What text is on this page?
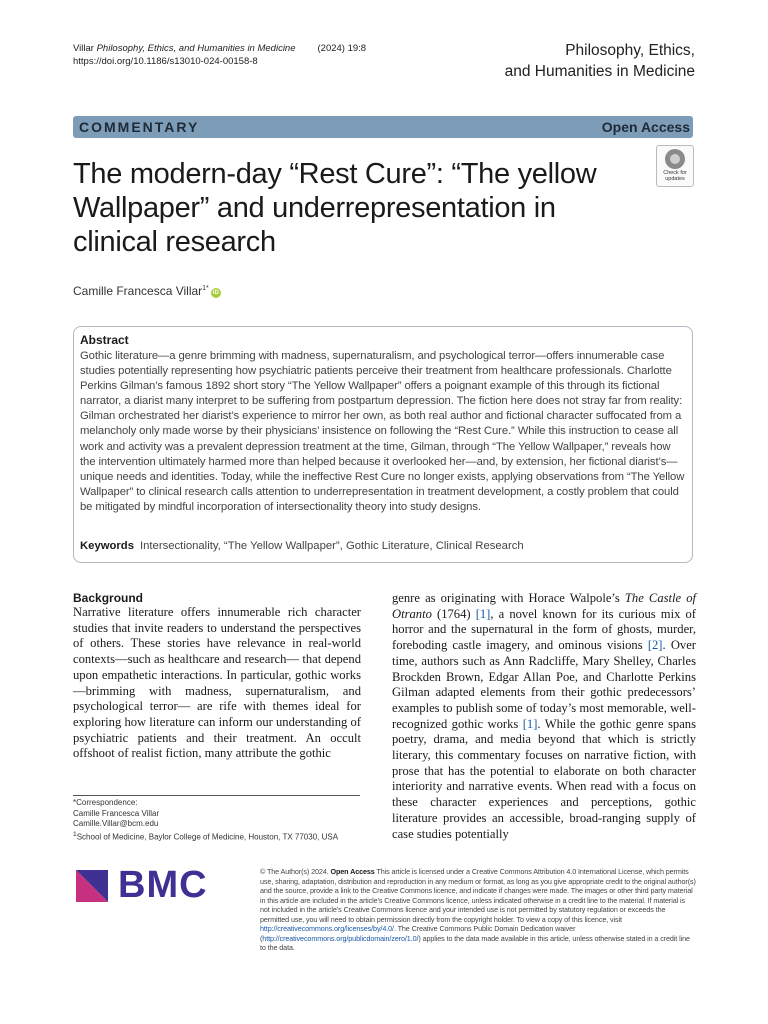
Villar Philosophy, Ethics, and Humanities in Medicine (2024) 19:8
https://doi.org/10.1186/s13010-024-00158-8
Philosophy, Ethics,
and Humanities in Medicine
COMMENTARY	Open Access
The modern-day “Rest Cure”: “The yellow Wallpaper” and underrepresentation in clinical research
Check for
updates
Camille Francesca Villar$^{1*}$iD
Abstract
Gothic literature—a genre brimming with madness, supernaturalism, and psychological terror—offers innumerable case studies potentially representing how psychiatric patients perceive their treatment from healthcare professionals. Charlotte Perkins Gilman’s famous 1892 short story “The Yellow Wallpaper” offers a poignant example of this through its fictional narrator, a diarist many interpret to be suffering from postpartum depression. The fiction here does not stray far from reality: Gilman orchestrated her diarist’s experience to mirror her own, as both real author and fictional character suffocated from a melancholy only made worse by their physicians’ insistence on following the “Rest Cure.” While this instruction to cease all work and activity was a prevalent depression treatment at the time, Gilman, through “The Yellow Wallpaper,” reveals how the intervention ultimately harmed more than helped because it overlooked her—and, by extension, her fictional diarist’s— unique needs and identities. Today, while the ineffective Rest Cure no longer exists, applying observations from “The Yellow Wallpaper” to clinical research calls attention to underrepresentation in treatment development, a costly problem that could be mitigated by mindful incorporation of intersectionality theory into study designs.
Keywords Intersectionality, “The Yellow Wallpaper”, Gothic Literature, Clinical Research
Background
Narrative literature offers innumerable rich character studies that invite readers to understand the perspectives of others. These stories have relevance in real-world contexts—such as healthcare and research— that depend upon empathetic interactions. In particular, gothic works—brimming with madness, supernaturalism, and psychological terror— are rife with themes ideal for exploring how literature can inform our understanding of psychiatric patients and their treatment. An occult offshoot of realist fiction, many attribute the gothic
genre as originating with Horace Walpole’s The Castle of Otranto (1764) [1], a novel known for its curious mix of horror and the supernatural in the form of ghosts, murder, foreboding castle imagery, and ominous visions [2]. Over time, authors such as Ann Radcliffe, Mary Shelley, Charles Brockden Brown, Edgar Allan Poe, and Charlotte Perkins Gilman adapted elements from their gothic predecessors’ examples to publish some of today’s most memorable, well-recognized gothic works [1]. While the gothic genre spans poetry, drama, and media beyond that which is strictly literary, this commentary focuses on narrative fiction, with prose that has the potential to elaborate on both character interiority and narrative events. When read with a focus on these character experiences and perceptions, gothic literature provides an accessible, broad-ranging supply of case studies potentially
*Correspondence:
Camille Francesca Villar
Camille.Villar@bcm.edu
$^1$School of Medicine, Baylor College of Medicine, Houston, TX 77030, USA
BMC	© The Author(s) 2024. Open Access This article is licensed under a Creative Commons Attribution 4.0 International License, which permits use, sharing, adaptation, distribution and reproduction in any medium or format, as long as you give appropriate credit to the original author(s) and the source, provide a link to the Creative Commons licence, and indicate if changes were made. The images or other third party material in this article are included in the article’s Creative Commons licence, unless indicated otherwise in a credit line to the material. If material is not included in the article’s Creative Commons licence and your intended use is not permitted by statutory regulation or exceeds the permitted use, you will need to obtain permission directly from the copyright holder. To view a copy of this licence, visit http://creativecommons.org/licenses/by/4.0/. The Creative Commons Public Domain Dedication waiver (http://creativecommons.org/publicdomain/zero/1.0/) applies to the data made available in this article, unless otherwise stated in a credit line to the data.
